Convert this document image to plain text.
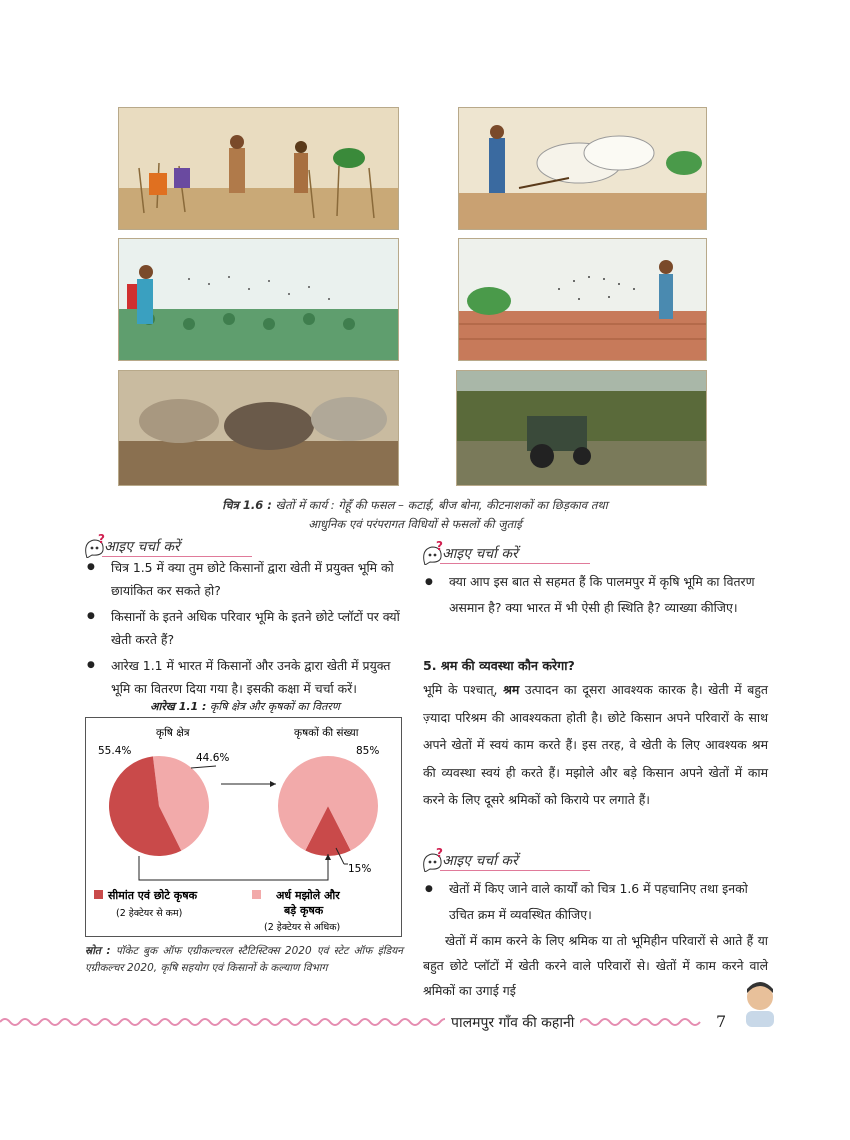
चित्र 1.6 : खेतों में कार्य : गेहूँ की फसल – कटाई, बीज बोना, कीटनाशकों का छिड़काव तथा
आधुनिक एवं परंपरागत विधियों से फसलों की जुताई
? आइए चर्चा करें
● चित्र 1.5 में क्या तुम छोटे किसानों द्वारा खेती में प्रयुक्त भूमि को छायांकित कर सकते हो?
● किसानों के इतने अधिक परिवार भूमि के इतने छोटे प्लॉटों पर क्यों खेती करते हैं?
● आरेख 1.1 में भारत में किसानों और उनके द्वारा खेती में प्रयुक्त भूमि का वितरण दिया गया है। इसकी कक्षा में चर्चा करें।
आरेख 1.1 : कृषि क्षेत्र और कृषकों का वितरण
कृषि क्षेत्र	कृषकों की संख्या
55.4%
44.6%
85%
15%
सीमांत एवं छोटे कृषक
(2 हेक्टेयर से कम)
अर्ध मझोले और
बड़े कृषक
(2 हेक्टेयर से अधिक)
स्रोत : पॉकेट बुक ऑफ एग्रीकल्चरल स्टैटिस्टिक्स 2020 एवं स्टेट ऑफ इंडियन एग्रीकल्चर 2020, कृषि सहयोग एवं किसानों के कल्याण विभाग
? आइए चर्चा करें
● क्या आप इस बात से सहमत हैं कि पालमपुर में कृषि भूमि का वितरण असमान है? क्या भारत में भी ऐसी ही स्थिति है? व्याख्या कीजिए।
5. श्रम की व्यवस्था कौन करेगा?

भूमि के पश्चात्, श्रम उत्पादन का दूसरा आवश्यक कारक है। खेती में बहुत ज़्यादा परिश्रम की आवश्यकता होती है। छोटे किसान अपने परिवारों के साथ अपने खेतों में स्वयं काम करते हैं। इस तरह, वे खेती के लिए आवश्यक श्रम की व्यवस्था स्वयं ही करते हैं। मझोले और बड़े किसान अपने खेतों में काम करने के लिए दूसरे श्रमिकों को किराये पर लगाते हैं।

? आइए चर्चा करें
● खेतों में किए जाने वाले कार्यों को चित्र 1.6 में पहचानिए तथा इनको उचित क्रम में व्यवस्थित कीजिए।

खेतों में काम करने के लिए श्रमिक या तो भूमिहीन परिवारों से आते हैं या बहुत छोटे प्लॉटों में खेती करने वाले परिवारों से। खेतों में काम करने वाले श्रमिकों का उगाई गई

पालमपुर गाँव की कहानी	7
